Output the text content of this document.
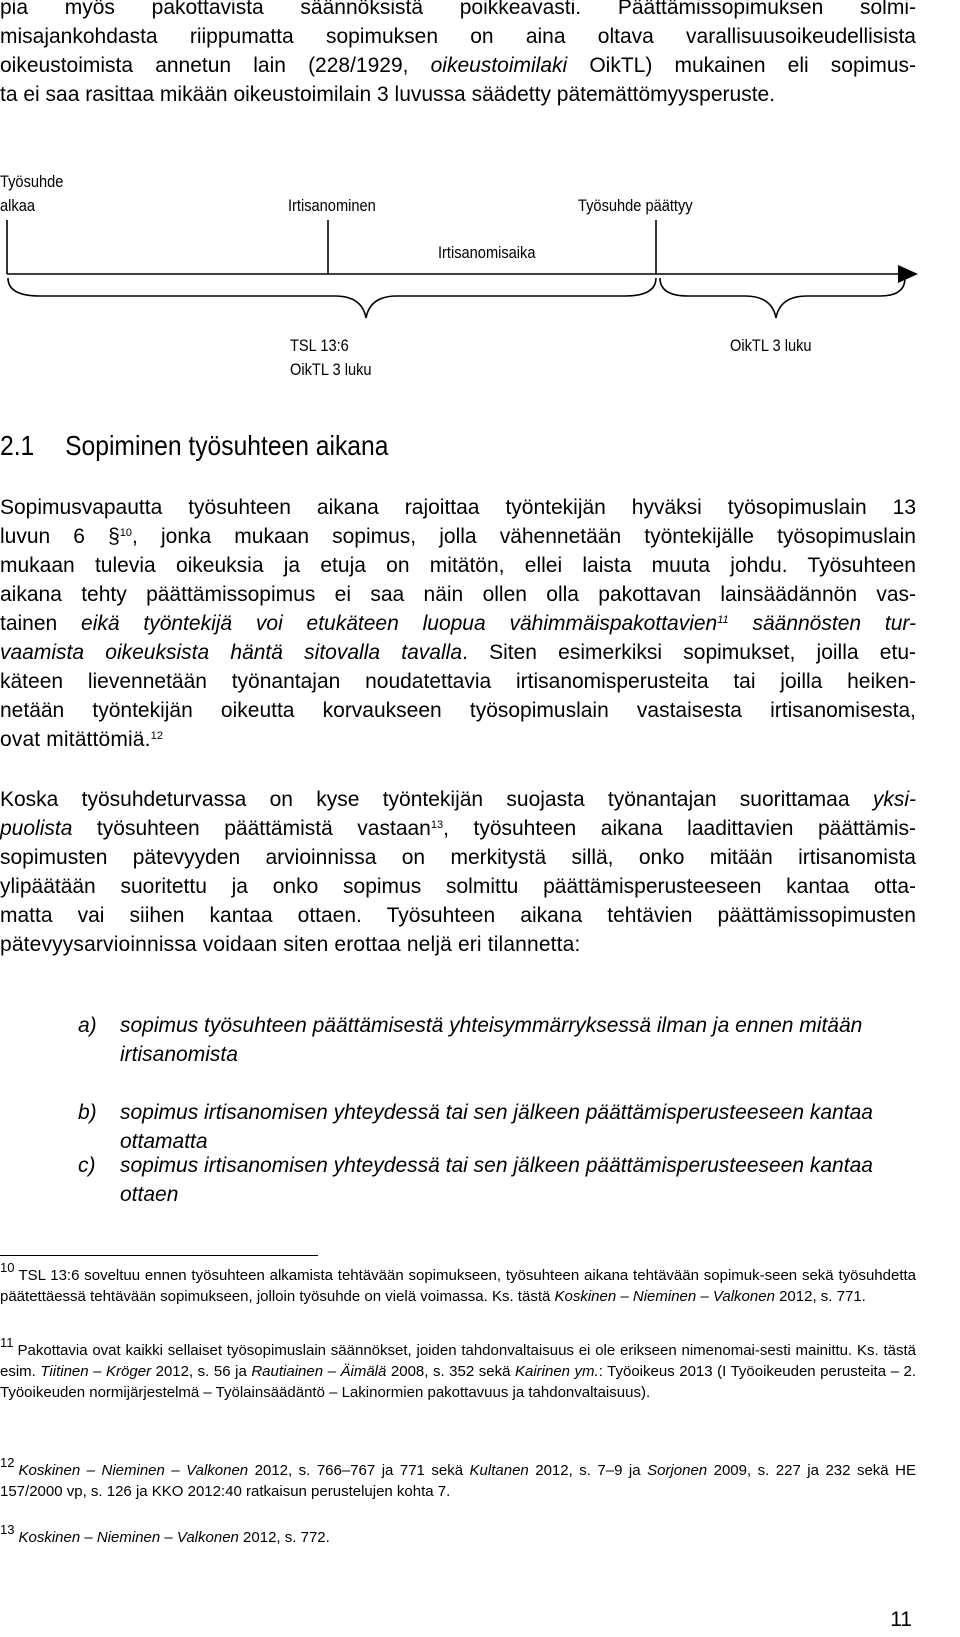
pia myös pakottavista säännöksistä poikkeavasti. Päättämissopimuksen solmi-
misajankohdasta riippumatta sopimuksen on aina oltava varallisuusoikeudellisista
oikeustoimista annetun lain (228/1929, oikeustoimilaki OikTL) mukainen eli sopimus-
ta ei saa rasittaa mikään oikeustoimilain 3 luvussa säädetty pätemättömyysperuste.
Työsuhde
alkaa	Irtisanominen	Työsuhde päättyy
Irtisanomisaika
TSL 13:6
OikTL 3 luku
OikTL 3 luku
2.1 Sopiminen työsuhteen aikana
Sopimusvapautta työsuhteen aikana rajoittaa työntekijän hyväksi työsopimuslain 13
luvun 6 §$^{10}$, jonka mukaan sopimus, jolla vähennetään työntekijälle työsopimuslain
mukaan tulevia oikeuksia ja etuja on mitätön, ellei laista muuta johdu. Työsuhteen
aikana tehty päättämissopimus ei saa näin ollen olla pakottavan lainsäädännön vas-
tainen eikä työntekijä voi etukäteen luopua vähimmäispakottavien$^{11}$ säännösten tur-
vaamista oikeuksista häntä sitovalla tavalla. Siten esimerkiksi sopimukset, joilla etu-
käteen lievennetään työnantajan noudatettavia irtisanomisperusteita tai joilla heiken-
netään työntekijän oikeutta korvaukseen työsopimuslain vastaisesta irtisanomisesta,
ovat mitättömiä.$^{12}$
Koska työsuhdeturvassa on kyse työntekijän suojasta työnantajan suorittamaa yksi-
puolista työsuhteen päättämistä vastaan$^{13}$, työsuhteen aikana laadittavien päättämis-
sopimusten pätevyyden arvioinnissa on merkitystä sillä, onko mitään irtisanomista
ylipäätään suoritettu ja onko sopimus solmittu päättämisperusteeseen kantaa otta-
matta vai siihen kantaa ottaen. Työsuhteen aikana tehtävien päättämissopimusten
pätevyysarvioinnissa voidaan siten erottaa neljä eri tilannetta:
a) sopimus työsuhteen päättämisestä yhteisymmärryksessä ilman ja ennen mitään irtisanomista
b) sopimus irtisanomisen yhteydessä tai sen jälkeen päättämisperusteeseen kantaa ottamatta
c) sopimus irtisanomisen yhteydessä tai sen jälkeen päättämisperusteeseen kantaa ottaen
10 TSL 13:6 soveltuu ennen työsuhteen alkamista tehtävään sopimukseen, työsuhteen aikana tehtävään sopimuk-seen sekä työsuhdetta päätettäessä tehtävään sopimukseen, jolloin työsuhde on vielä voimassa. Ks. tästä Koskinen – Nieminen – Valkonen 2012, s. 771.
11 Pakottavia ovat kaikki sellaiset työsopimuslain säännökset, joiden tahdonvaltaisuus ei ole erikseen nimenomai-sesti mainittu. Ks. tästä esim. Tiitinen – Kröger 2012, s. 56 ja Rautiainen – Äimälä 2008, s. 352 sekä Kairinen ym.: Työoikeus 2013 (I Työoikeuden perusteita – 2. Työoikeuden normijärjestelmä – Työlainsäädäntö – Lakinormien pakottavuus ja tahdonvaltaisuus).
12 Koskinen – Nieminen – Valkonen 2012, s. 766–767 ja 771 sekä Kultanen 2012, s. 7–9 ja Sorjonen 2009, s. 227 ja 232 sekä HE 157/2000 vp, s. 126 ja KKO 2012:40 ratkaisun perustelujen kohta 7.
13 Koskinen – Nieminen – Valkonen 2012, s. 772.
11
